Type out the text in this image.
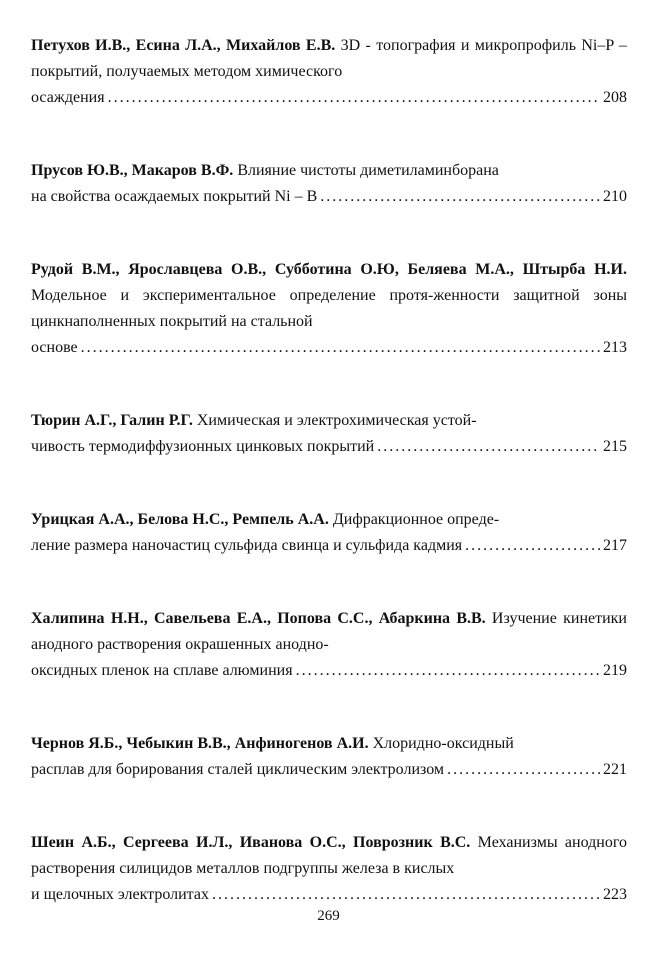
Петухов И.В., Есина Л.А., Михайлов Е.В. 3D - топография и микропрофиль Ni–P – покрытий, получаемых методом химического
осаждения .....	208
Прусов Ю.В., Макаров В.Ф. Влияние чистоты диметиламинборана
на свойства осаждаемых покрытий Ni – B .....	210
Рудой В.М., Ярославцева О.В., Субботина О.Ю, Беляева М.А., Штырба Н.И. Модельное и экспериментальное определение протя-женности защитной зоны цинкнаполненных покрытий на стальной
основе .....	213
Тюрин А.Г., Галин Р.Г. Химическая и электрохимическая устой-
чивость термодиффузионных цинковых покрытий .....	215
Урицкая А.А., Белова Н.С., Ремпель А.А. Дифракционное опреде-
ление размера наночастиц сульфида свинца и сульфида кадмия .....	217
Халипина Н.Н., Савельева Е.А., Попова С.С., Абаркина В.В. Изучение кинетики анодного растворения окрашенных анодно-
оксидных пленок на сплаве алюминия .....	219
Чернов Я.Б., Чебыкин В.В., Анфиногенов А.И. Хлоридно-оксидный
расплав для борирования сталей циклическим электролизом .....	221
Шеин А.Б., Сергеева И.Л., Иванова О.С., Поврозник В.С. Механизмы анодного растворения силицидов металлов подгруппы железа в кислых
и щелочных электролитах .....	223
269
